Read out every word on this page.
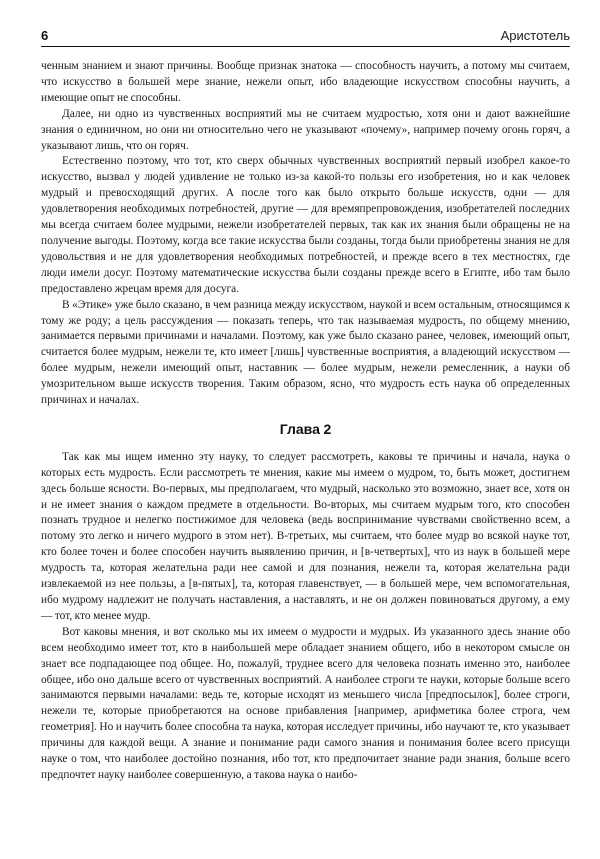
6	Аристотель

ченным знанием и знают причины. Вообще признак знатока — способность научить, а потому мы считаем, что искусство в большей мере знание, нежели опыт, ибо владеющие искусством способны научить, а имеющие опыт не способны.

Далее, ни одно из чувственных восприятий мы не считаем мудростью, хотя они и дают важнейшие знания о единичном, но они ни относительно чего не указывают «почему», например почему огонь горяч, а указывают лишь, что он горяч.

Естественно поэтому, что тот, кто сверх обычных чувственных восприятий первый изобрел какое-то искусство, вызвал у людей удивление не только из-за какой-то пользы его изобретения, но и как человек мудрый и превосходящий других. А после того как было открыто больше искусств, одни — для удовлетворения необходимых потребностей, другие — для времяпрепровождения, изобретателей последних мы всегда считаем более мудрыми, нежели изобретателей первых, так как их знания были обращены не на получение выгоды. Поэтому, когда все такие искусства были созданы, тогда были приобретены знания не для удовольствия и не для удовлетворения необходимых потребностей, и прежде всего в тех местностях, где люди имели досуг. Поэтому математические искусства были созданы прежде всего в Египте, ибо там было предоставлено жрецам время для досуга.

В «Этике» уже было сказано, в чем разница между искусством, наукой и всем остальным, относящимся к тому же роду; а цель рассуждения — показать теперь, что так называемая мудрость, по общему мнению, занимается первыми причинами и началами. Поэтому, как уже было сказано ранее, человек, имеющий опыт, считается более мудрым, нежели те, кто имеет [лишь] чувственные восприятия, а владеющий искусством — более мудрым, нежели имеющий опыт, наставник — более мудрым, нежели ремесленник, а науки об умозрительном выше искусств творения. Таким образом, ясно, что мудрость есть наука об определенных причинах и началах.

Глава 2

Так как мы ищем именно эту науку, то следует рассмотреть, каковы те причины и начала, наука о которых есть мудрость. Если рассмотреть те мнения, какие мы имеем о мудром, то, быть может, достигнем здесь больше ясности. Во-первых, мы предполагаем, что мудрый, насколько это возможно, знает все, хотя он и не имеет знания о каждом предмете в отдельности. Во-вторых, мы считаем мудрым того, кто способен познать трудное и нелегко постижимое для человека (ведь воспринимание чувствами свойственно всем, а потому это легко и ничего мудрого в этом нет). В-третьих, мы считаем, что более мудр во всякой науке тот, кто более точен и более способен научить выявлению причин, и [в-четвертых], что из наук в большей мере мудрость та, которая желательна ради нее самой и для познания, нежели та, которая желательна ради извлекаемой из нее пользы, а [в-пятых], та, которая главенствует, — в большей мере, чем вспомогательная, ибо мудрому надлежит не получать наставления, а наставлять, и не он должен повиноваться другому, а ему — тот, кто менее мудр.

Вот каковы мнения, и вот сколько мы их имеем о мудрости и мудрых. Из указанного здесь знание обо всем необходимо имеет тот, кто в наибольшей мере обладает знанием общего, ибо в некотором смысле он знает все подпадающее под общее. Но, пожалуй, труднее всего для человека познать именно это, наиболее общее, ибо оно дальше всего от чувственных восприятий. А наиболее строги те науки, которые больше всего занимаются первыми началами: ведь те, которые исходят из меньшего числа [предпосылок], более строги, нежели те, которые приобретаются на основе прибавления [например, арифметика более строга, чем геометрия]. Но и научить более способна та наука, которая исследует причины, ибо научают те, кто указывает причины для каждой вещи. А знание и понимание ради самого знания и понимания более всего присущи науке о том, что наиболее достойно познания, ибо тот, кто предпочитает знание ради знания, больше всего предпочтет науку наиболее совершенную, а такова наука о наибо-
